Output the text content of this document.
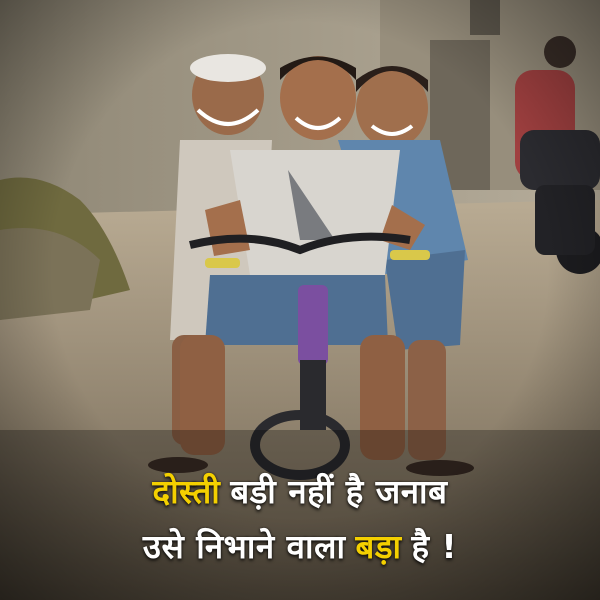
दोस्ती बड़ी नहीं है जनाब
उसे निभाने वाला बड़ा है !
